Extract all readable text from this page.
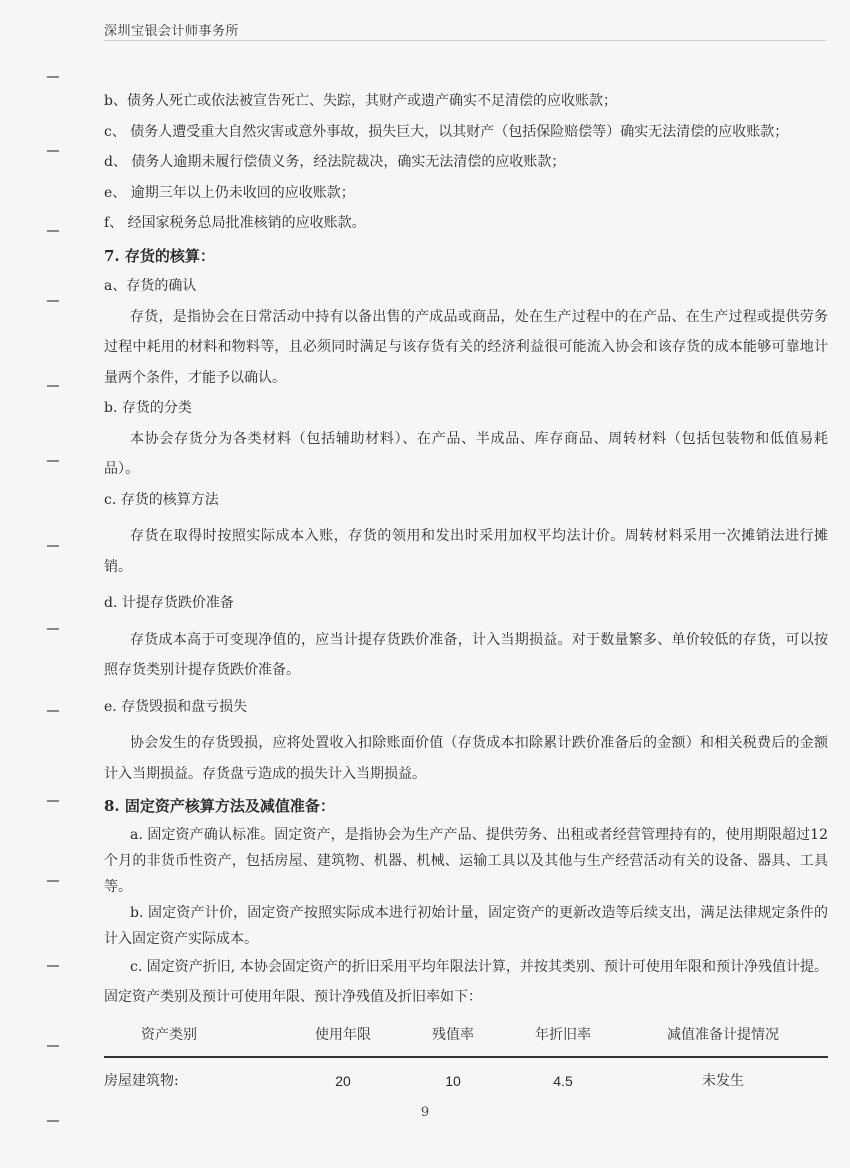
深圳宝银会计师事务所

b、债务人死亡或依法被宣告死亡、失踪，其财产或遗产确实不足清偿的应收账款；

c、 债务人遭受重大自然灾害或意外事故，损失巨大，以其财产（包括保险赔偿等）确实无法清偿的应收账款；

d、 债务人逾期未履行偿债义务，经法院裁决，确实无法清偿的应收账款；

e、 逾期三年以上仍未收回的应收账款；

f、 经国家税务总局批准核销的应收账款。

7. 存货的核算：

a、存货的确认

存货，是指协会在日常活动中持有以备出售的产成品或商品，处在生产过程中的在产品、在生产过程或提供劳务过程中耗用的材料和物料等，且必须同时满足与该存货有关的经济利益很可能流入协会和该存货的成本能够可靠地计量两个条件，才能予以确认。

b. 存货的分类

本协会存货分为各类材料（包括辅助材料）、在产品、半成品、库存商品、周转材料（包括包装物和低值易耗品）。

c. 存货的核算方法

存货在取得时按照实际成本入账，存货的领用和发出时采用加权平均法计价。周转材料采用一次摊销法进行摊销。

d. 计提存货跌价准备

存货成本高于可变现净值的，应当计提存货跌价准备，计入当期损益。对于数量繁多、单价较低的存货，可以按照存货类别计提存货跌价准备。

e. 存货毁损和盘亏损失

协会发生的存货毁损，应将处置收入扣除账面价值（存货成本扣除累计跌价准备后的金额）和相关税费后的金额计入当期损益。存货盘亏造成的损失计入当期损益。

8. 固定资产核算方法及减值准备：

a. 固定资产确认标准。固定资产，是指协会为生产产品、提供劳务、出租或者经营管理持有的，使用期限超过12个月的非货币性资产，包括房屋、建筑物、机器、机械、运输工具以及其他与生产经营活动有关的设备、器具、工具等。

b. 固定资产计价，固定资产按照实际成本进行初始计量，固定资产的更新改造等后续支出，满足法律规定条件的计入固定资产实际成本。

c. 固定资产折旧, 本协会固定资产的折旧采用平均年限法计算，并按其类别、预计可使用年限和预计净残值计提。固定资产类别及预计可使用年限、预计净残值及折旧率如下：

资产类别		使用年限	残值率	年折旧率	减值准备计提情况
房屋建筑物:		20	10	4.5	未发生
9
